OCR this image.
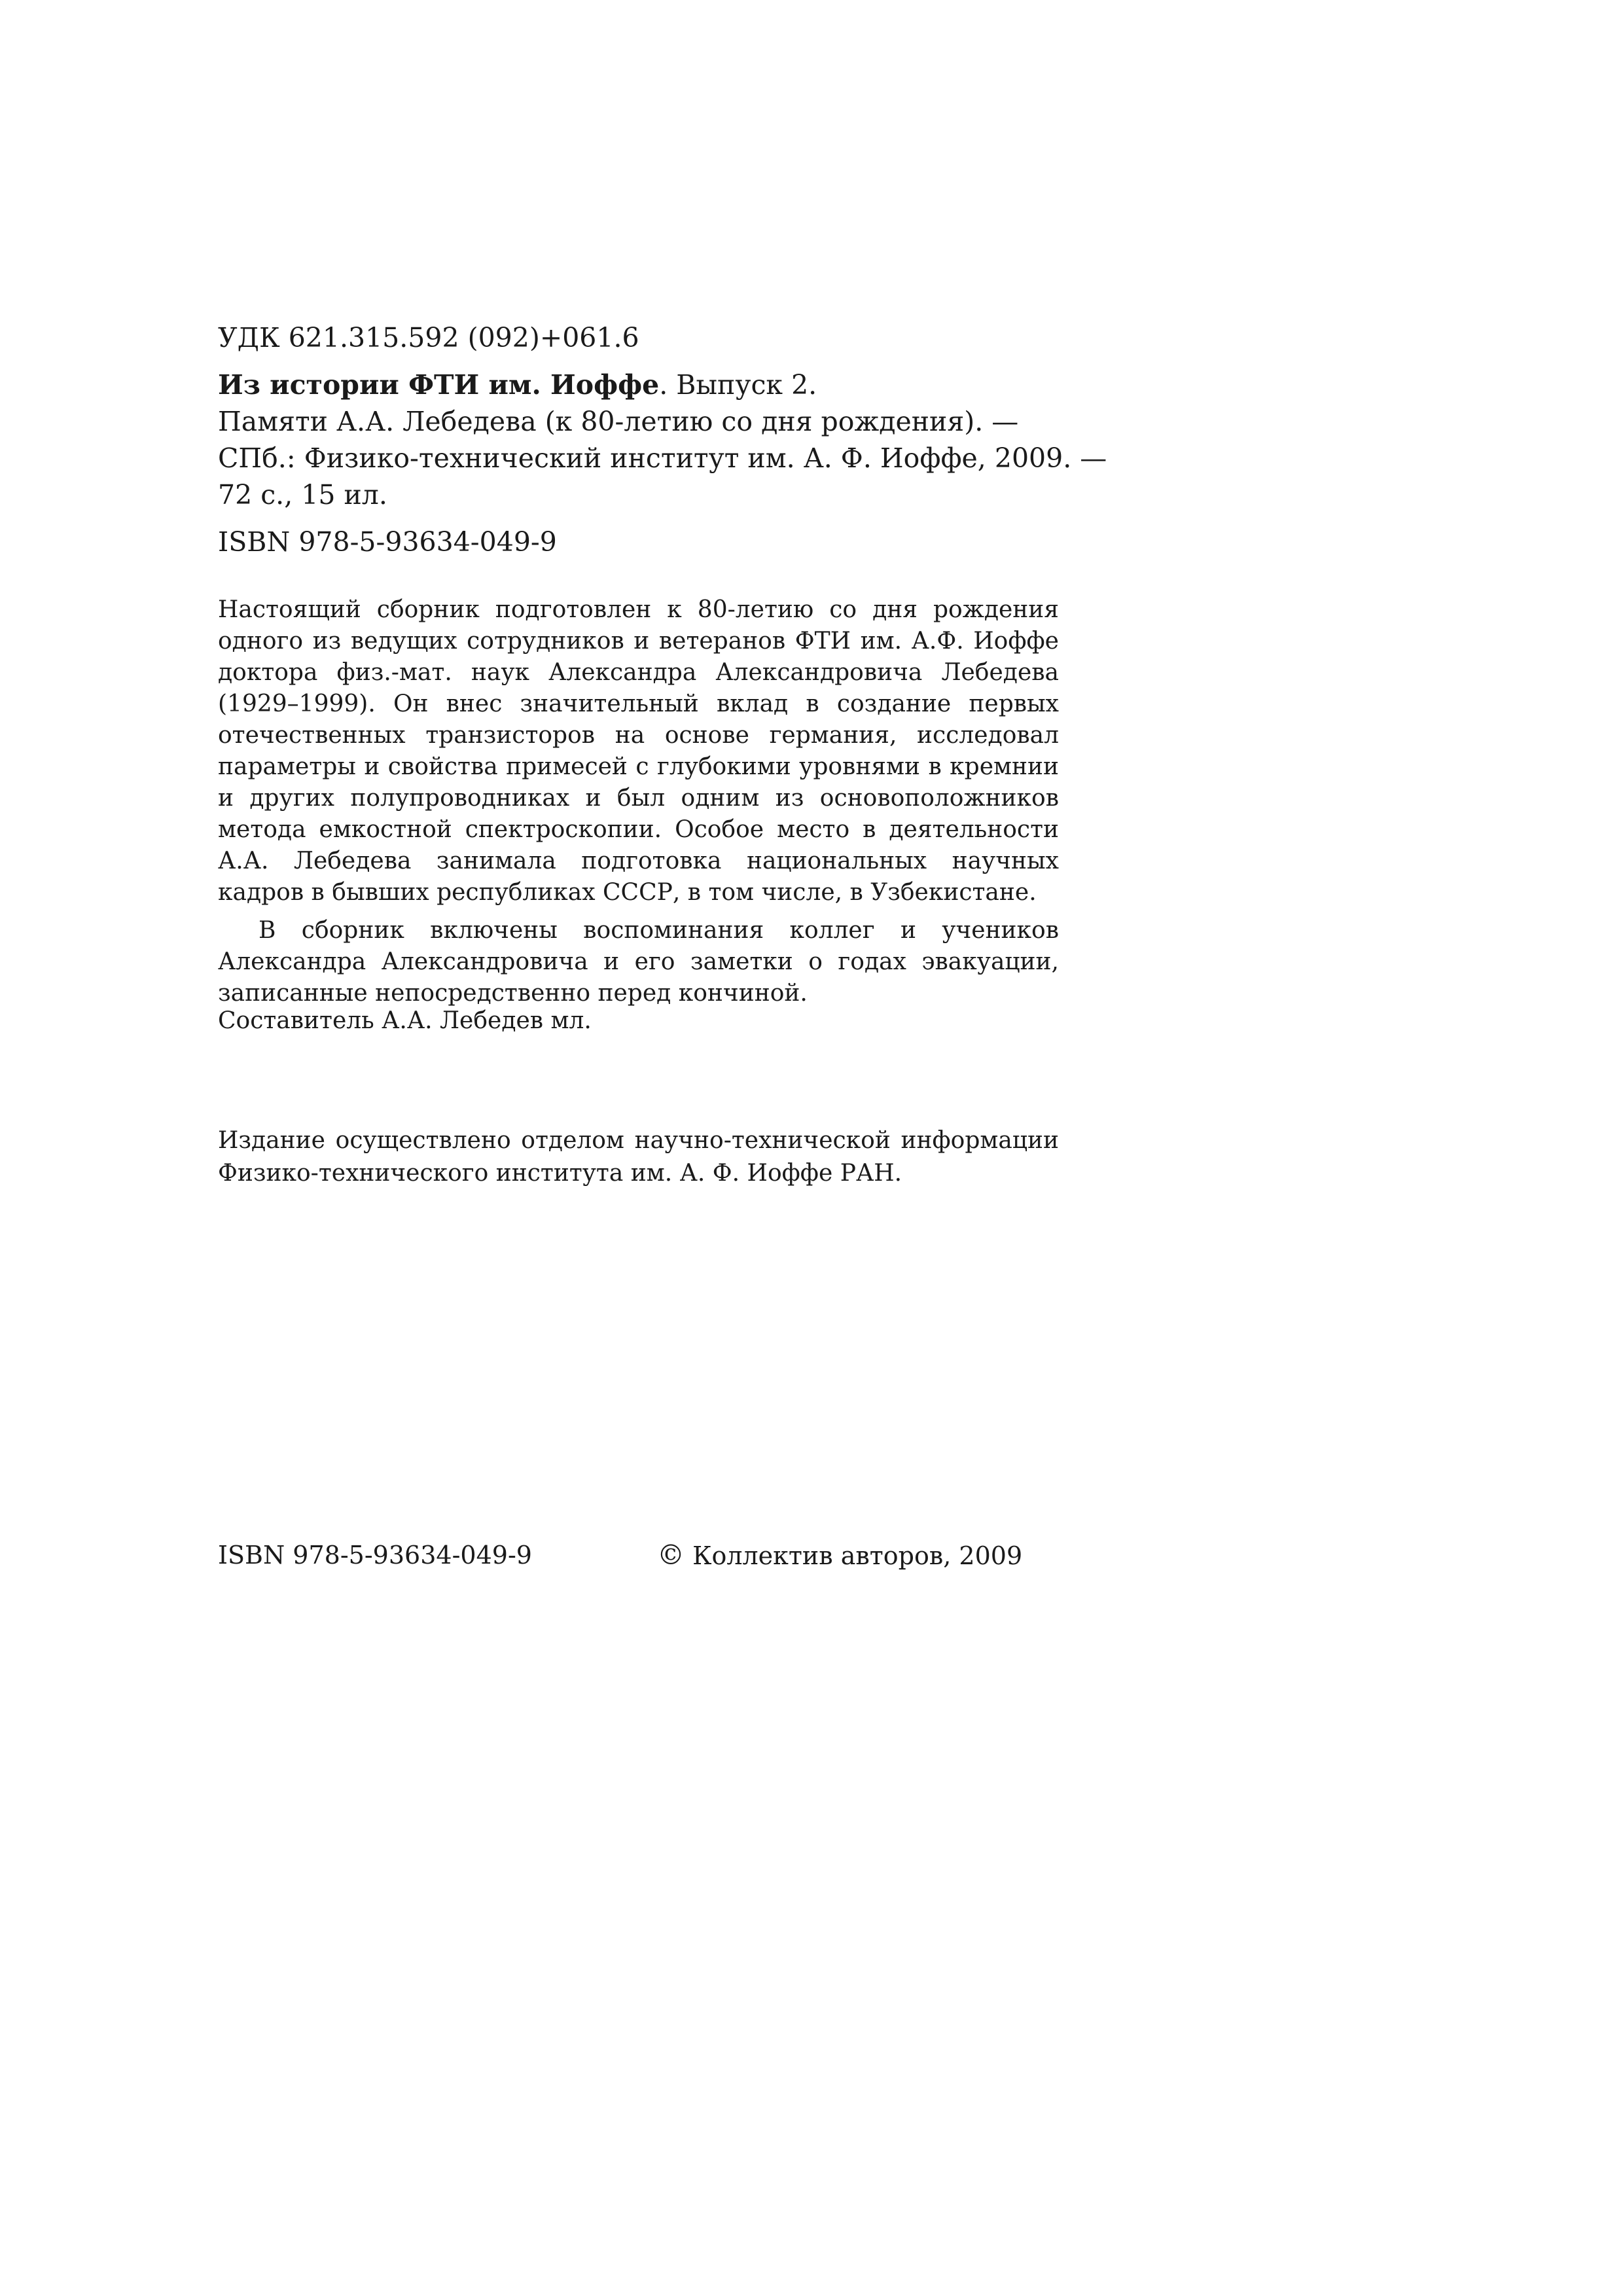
УДК 621.315.592 (092)+061.6
Из истории ФТИ им. Иоффе. Выпуск 2.
Памяти А.А. Лебедева (к 80-летию со дня рождения). —
СПб.: Физико-технический институт им. А. Ф. Иоффе, 2009. —
72 с., 15 ил.
ISBN 978-5-93634-049-9

Настоящий сборник подготовлен к 80-летию со дня рождения одного из ведущих сотрудников и ветеранов ФТИ им. А.Ф. Иоффе доктора физ.-мат. наук Александра Александровича Лебедева (1929–1999). Он внес значительный вклад в создание первых отечественных транзисторов на основе германия, исследовал параметры и свойства примесей с глубокими уровнями в кремнии и других полупроводниках и был одним из основоположников метода емкостной спектроскопии. Особое место в деятельности А.А. Лебедева занимала подготовка национальных научных кадров в бывших республиках СССР, в том числе, в Узбекистане.

В сборник включены воспоминания коллег и учеников Александра Александровича и его заметки о годах эвакуации, записанные непосредственно перед кончиной.

Составитель А.А. Лебедев мл.

Издание осуществлено отделом научно-технической информации Физико-технического института им. А. Ф. Иоффе РАН.

ISBN 978-5-93634-049-9	© Коллектив авторов, 2009
